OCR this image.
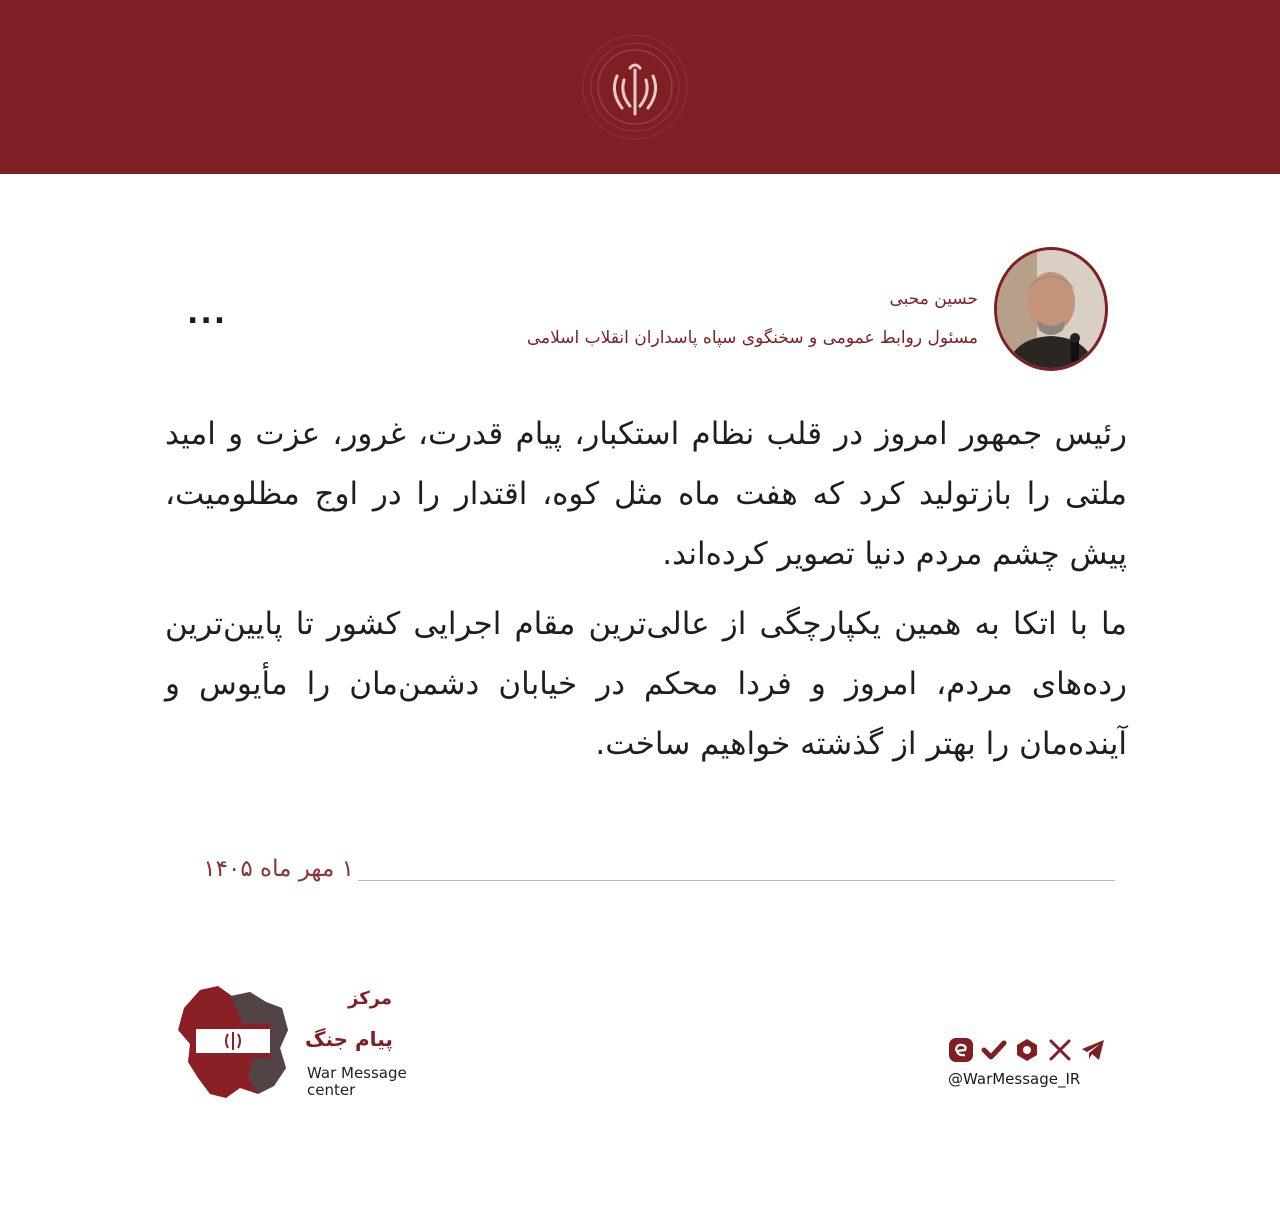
حسین محبی
مسئول روابط عمومی و سخنگوی سپاه پاسداران انقلاب اسلامی
...

رئیس جمهور امروز در قلب نظام استکبار، پیام قدرت، غرور، عزت و امید ملتی را بازتولید کرد که هفت ماه مثل کوه، اقتدار را در اوج مظلومیت، پیش چشم مردم دنیا تصویر کرده‌اند.

ما با اتکا به همین یکپارچگی از عالی‌ترین مقام اجرایی کشور تا پایین‌ترین رده‌های مردم، امروز و فردا محکم در خیابان دشمن‌مان را مأیوس و آینده‌مان را بهتر از گذشته خواهیم ساخت.

۱ مهر ماه ۱۴۰۵
مرکز
پیام جنگ
War Message center
@WarMessage_IR
